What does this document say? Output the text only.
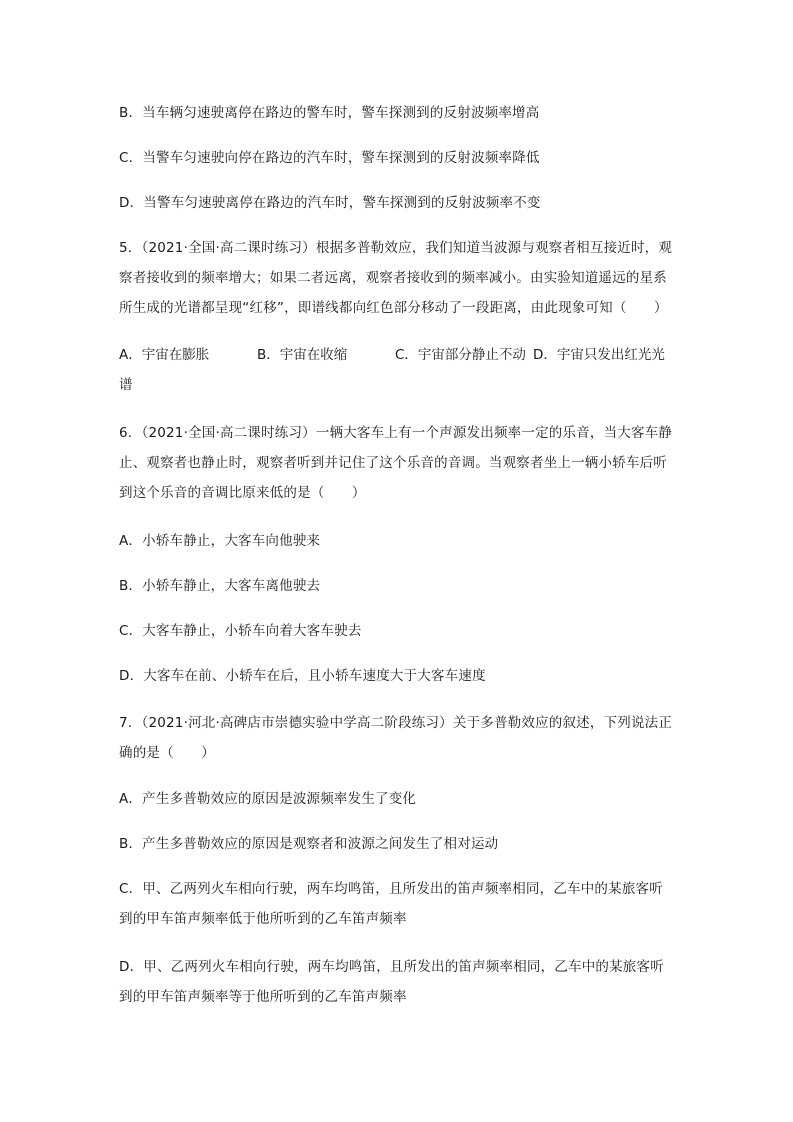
B．当车辆匀速驶离停在路边的警车时，警车探测到的反射波频率增高
C．当警车匀速驶向停在路边的汽车时，警车探测到的反射波频率降低
D．当警车匀速驶离停在路边的汽车时，警车探测到的反射波频率不变
5．（2021·全国·高二课时练习）根据多普勒效应，我们知道当波源与观察者相互接近时，观
察者接收到的频率增大；如果二者远离，观察者接收到的频率减小。由实验知道遥远的星系
所生成的光谱都呈现“红移”，即谱线都向红色部分移动了一段距离，由此现象可知（　　）
A．宇宙在膨胀	B．宇宙在收缩	C．宇宙部分静止不动 D．宇宙只发出红光光
谱
6．（2021·全国·高二课时练习）一辆大客车上有一个声源发出频率一定的乐音，当大客车静
止、观察者也静止时，观察者听到并记住了这个乐音的音调。当观察者坐上一辆小轿车后听
到这个乐音的音调比原来低的是（　　）
A．小轿车静止，大客车向他驶来
B．小轿车静止，大客车离他驶去
C．大客车静止，小轿车向着大客车驶去
D．大客车在前、小轿车在后，且小轿车速度大于大客车速度
7．（2021·河北·高碑店市崇德实验中学高二阶段练习）关于多普勒效应的叙述，下列说法正
确的是（　　）
A．产生多普勒效应的原因是波源频率发生了变化
B．产生多普勒效应的原因是观察者和波源之间发生了相对运动
C．甲、乙两列火车相向行驶，两车均鸣笛，且所发出的笛声频率相同，乙车中的某旅客听
到的甲车笛声频率低于他所听到的乙车笛声频率
D．甲、乙两列火车相向行驶，两车均鸣笛，且所发出的笛声频率相同，乙车中的某旅客听
到的甲车笛声频率等于他所听到的乙车笛声频率
